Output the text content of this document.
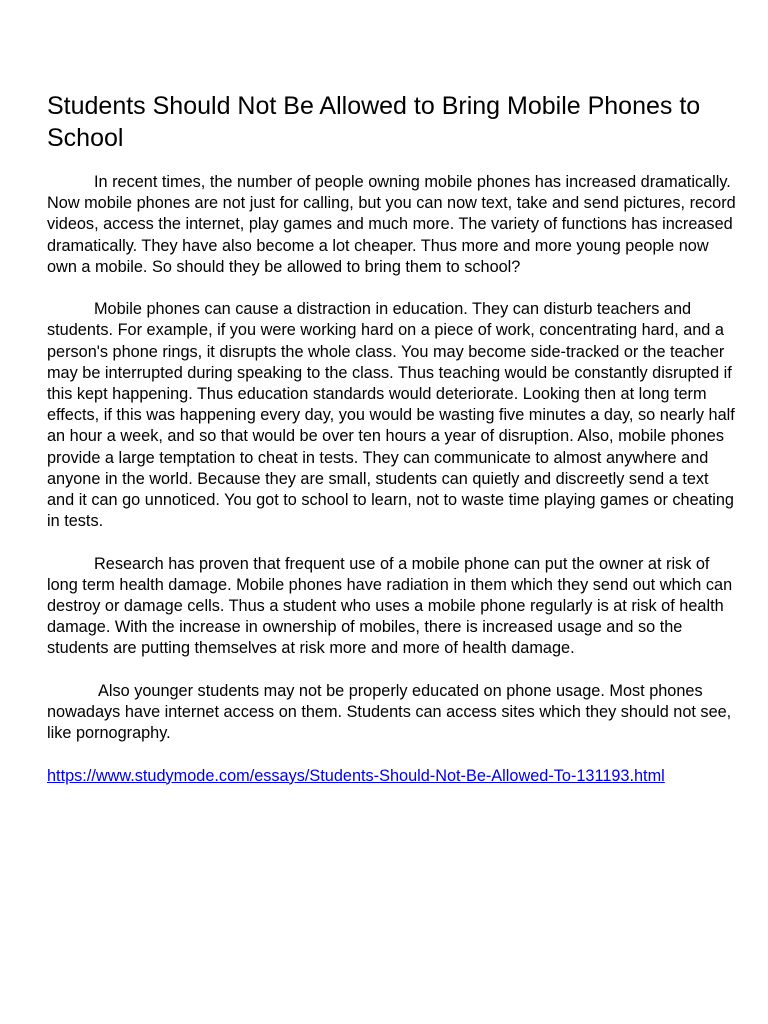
Students Should Not Be Allowed to Bring Mobile Phones to School

In recent times, the number of people owning mobile phones has increased dramatically. Now mobile phones are not just for calling, but you can now text, take and send pictures, record videos, access the internet, play games and much more. The variety of functions has increased dramatically. They have also become a lot cheaper. Thus more and more young people now own a mobile. So should they be allowed to bring them to school?

Mobile phones can cause a distraction in education. They can disturb teachers and students. For example, if you were working hard on a piece of work, concentrating hard, and a person's phone rings, it disrupts the whole class. You may become side-tracked or the teacher may be interrupted during speaking to the class. Thus teaching would be constantly disrupted if this kept happening. Thus education standards would deteriorate. Looking then at long term effects, if this was happening every day, you would be wasting five minutes a day, so nearly half an hour a week, and so that would be over ten hours a year of disruption. Also, mobile phones provide a large temptation to cheat in tests. They can communicate to almost anywhere and anyone in the world. Because they are small, students can quietly and discreetly send a text and it can go unnoticed. You got to school to learn, not to waste time playing games or cheating in tests.

Research has proven that frequent use of a mobile phone can put the owner at risk of long term health damage. Mobile phones have radiation in them which they send out which can destroy or damage cells. Thus a student who uses a mobile phone regularly is at risk of health damage. With the increase in ownership of mobiles, there is increased usage and so the students are putting themselves at risk more and more of health damage.

Also younger students may not be properly educated on phone usage. Most phones nowadays have internet access on them. Students can access sites which they should not see, like pornography.

https://www.studymode.com/essays/Students-Should-Not-Be-Allowed-To-131193.html
